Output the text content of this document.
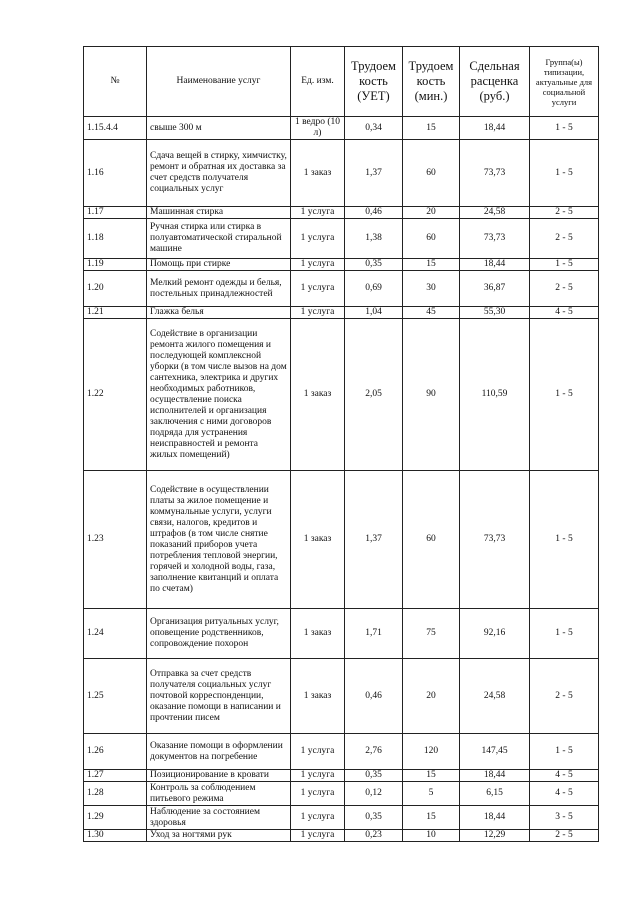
№	Наименование услуг	Ед. изм.	Трудоем кость (УЕТ)	Трудоем кость (мин.)	Сдельная расценка (руб.)	Группа(ы) типизации, актуальные для социальной услуги
1.15.4.4	свыше 300 м	1 ведро (10 л)	0,34	15	18,44	1 - 5
1.16	Сдача вещей в стирку, химчистку, ремонт и обратная их доставка за счет средств получателя социальных услуг	1 заказ	1,37	60	73,73	1 - 5
1.17	Машинная стирка	1 услуга	0,46	20	24,58	2 - 5
1.18	Ручная стирка или стирка в полуавтоматической стиральной машине	1 услуга	1,38	60	73,73	2 - 5
1.19	Помощь при стирке	1 услуга	0,35	15	18,44	1 - 5
1.20	Мелкий ремонт одежды и белья, постельных принадлежностей	1 услуга	0,69	30	36,87	2 - 5
1.21	Глажка белья	1 услуга	1,04	45	55,30	4 - 5
1.22	Содействие в организации ремонта жилого помещения и последующей комплексной уборки (в том числе вызов на дом сантехника, электрика и других необходимых работников, осуществление поиска исполнителей и организация заключения с ними договоров подряда для устранения неисправностей и ремонта жилых помещений)	1 заказ	2,05	90	110,59	1 - 5
1.23	Содействие в осуществлении платы за жилое помещение и коммунальные услуги, услуги связи, налогов, кредитов и штрафов (в том числе снятие показаний приборов учета потребления тепловой энергии, горячей и холодной воды, газа, заполнение квитанций и оплата по счетам)	1 заказ	1,37	60	73,73	1 - 5
1.24	Организация ритуальных услуг, оповещение родственников, сопровождение похорон	1 заказ	1,71	75	92,16	1 - 5
1.25	Отправка за счет средств получателя социальных услуг почтовой корреспонденции, оказание помощи в написании и прочтении писем	1 заказ	0,46	20	24,58	2 - 5
1.26	Оказание помощи в оформлении документов на погребение	1 услуга	2,76	120	147,45	1 - 5
1.27	Позиционирование в кровати	1 услуга	0,35	15	18,44	4 - 5
1.28	Контроль за соблюдением питьевого режима	1 услуга	0,12	5	6,15	4 - 5
1.29	Наблюдение за состоянием здоровья	1 услуга	0,35	15	18,44	3 - 5
1.30	Уход за ногтями рук	1 услуга	0,23	10	12,29	2 - 5
